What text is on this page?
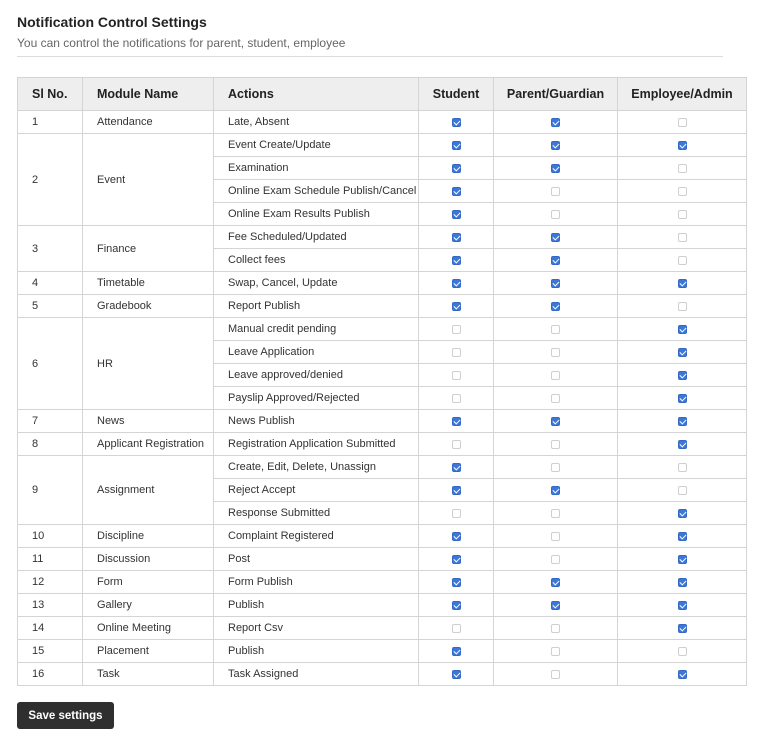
Notification Control Settings
You can control the notifications for parent, student, employee
Sl No.	Module Name	Actions	Student	Parent/Guardian	Employee/Admin
1	Attendance	Late, Absent			
2	Event	Event Create/Update			
		Examination			
		Online Exam Schedule Publish/Cancel			
		Online Exam Results Publish			
3	Finance	Fee Scheduled/Updated			
		Collect fees			
4	Timetable	Swap, Cancel, Update			
5	Gradebook	Report Publish			
6	HR	Manual credit pending			
		Leave Application			
		Leave approved/denied			
		Payslip Approved/Rejected			
7	News	News Publish			
8	Applicant Registration	Registration Application Submitted			
9	Assignment	Create, Edit, Delete, Unassign			
		Reject Accept			
		Response Submitted			
10	Discipline	Complaint Registered			
11	Discussion	Post			
12	Form	Form Publish			
13	Gallery	Publish			
14	Online Meeting	Report Csv			
15	Placement	Publish			
16	Task	Task Assigned			
Save settings
